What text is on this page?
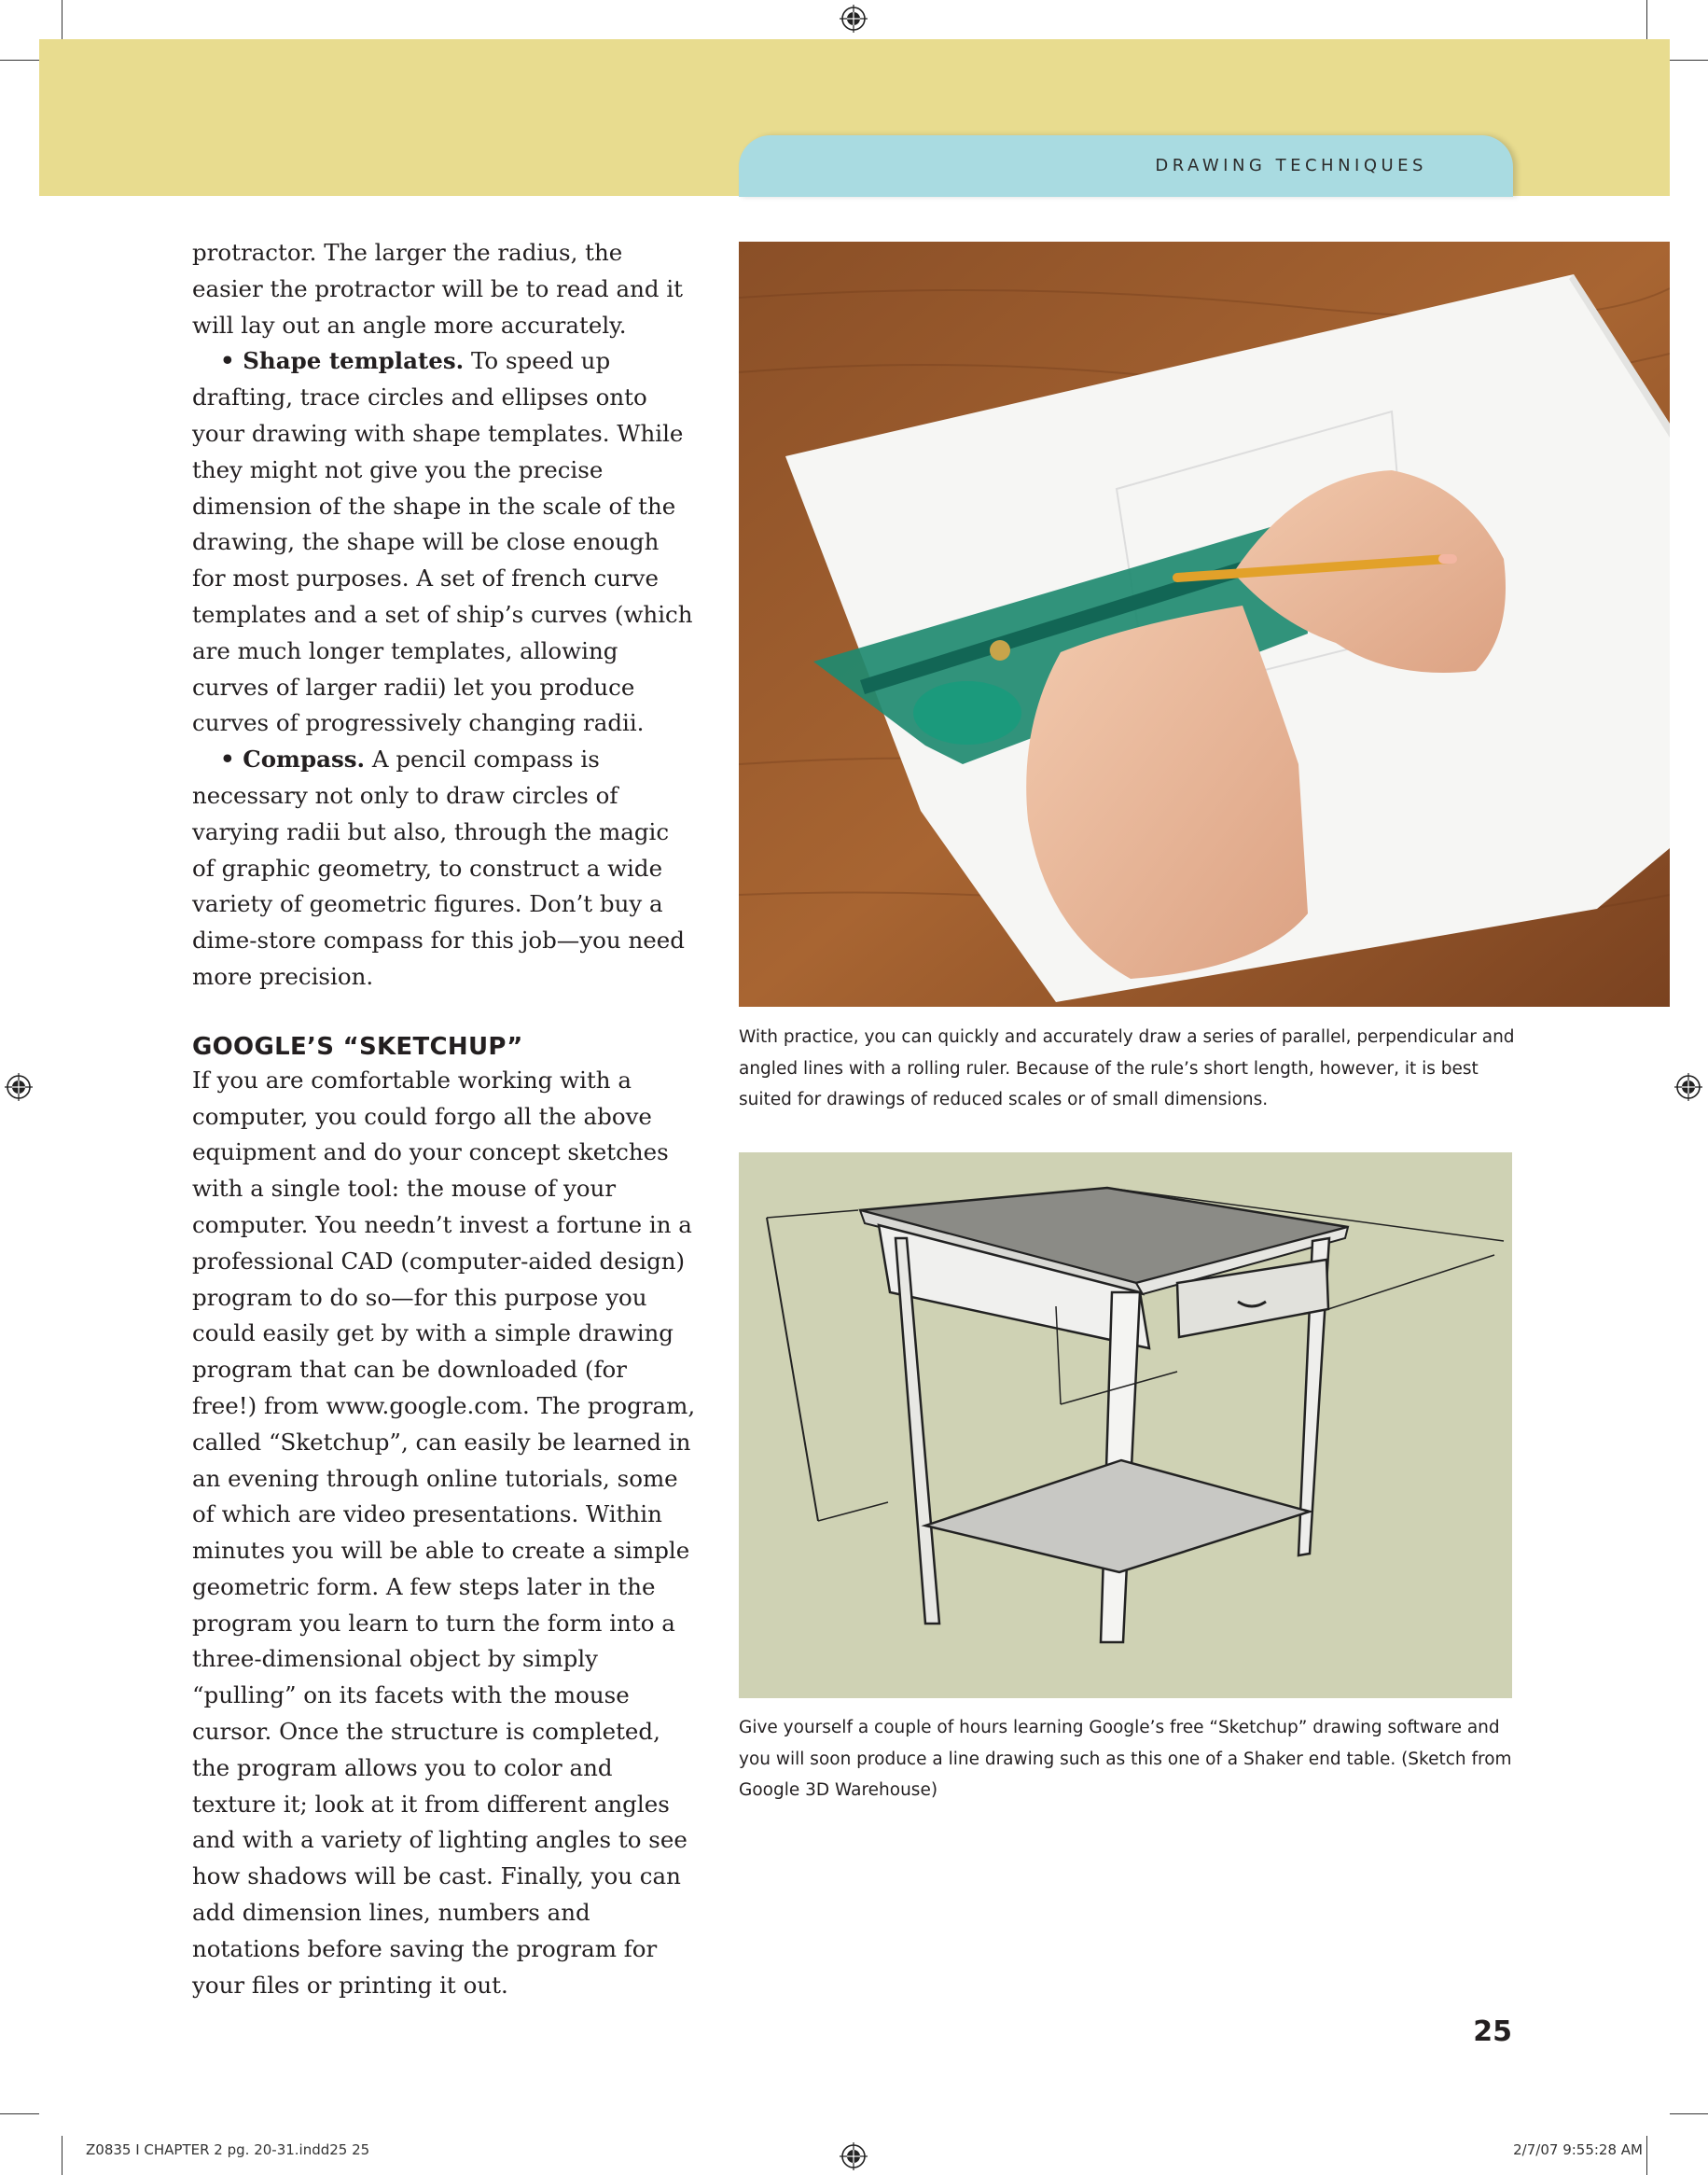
DRAWING TECHNIQUES

protractor. The larger the radius, the easier the protractor will be to read and it will lay out an angle more accurately.

• Shape templates. To speed up drafting, trace circles and ellipses onto your drawing with shape templates. While they might not give you the precise dimension of the shape in the scale of the drawing, the shape will be close enough for most purposes. A set of french curve templates and a set of ship’s curves (which are much longer templates, allowing curves of larger radii) let you produce curves of progressively changing radii.

• Compass. A pencil compass is necessary not only to draw circles of varying radii but also, through the magic of graphic geometry, to construct a wide variety of geometric figures. Don’t buy a dime-store compass for this job—you need more precision.

GOOGLE’S “SKETCHUP”

If you are comfortable working with a computer, you could forgo all the above equipment and do your concept sketches with a single tool: the mouse of your computer. You needn’t invest a fortune in a professional CAD (computer-aided design) program to do so—for this purpose you could easily get by with a simple drawing program that can be downloaded (for free!) from www.google.com. The program, called “Sketchup”, can easily be learned in an evening through online tutorials, some of which are video presentations. Within minutes you will be able to create a simple geometric form. A few steps later in the program you learn to turn the form into a three-dimensional object by simply “pulling” on its facets with the mouse cursor. Once the structure is completed, the program allows you to color and texture it; look at it from different angles and with a variety of lighting angles to see how shadows will be cast. Finally, you can add dimension lines, numbers and notations before saving the program for your files or printing it out.

With practice, you can quickly and accurately draw a series of parallel, perpendicular and angled lines with a rolling ruler. Because of the rule’s short length, however, it is best suited for drawings of reduced scales or of small dimensions.
Give yourself a couple of hours learning Google’s free “Sketchup” drawing software and you will soon produce a line drawing such as this one of a Shaker end table. (Sketch from Google 3D Warehouse)
25
Z0835 I CHAPTER 2 pg. 20-31.indd25 25	2/7/07 9:55:28 AM
